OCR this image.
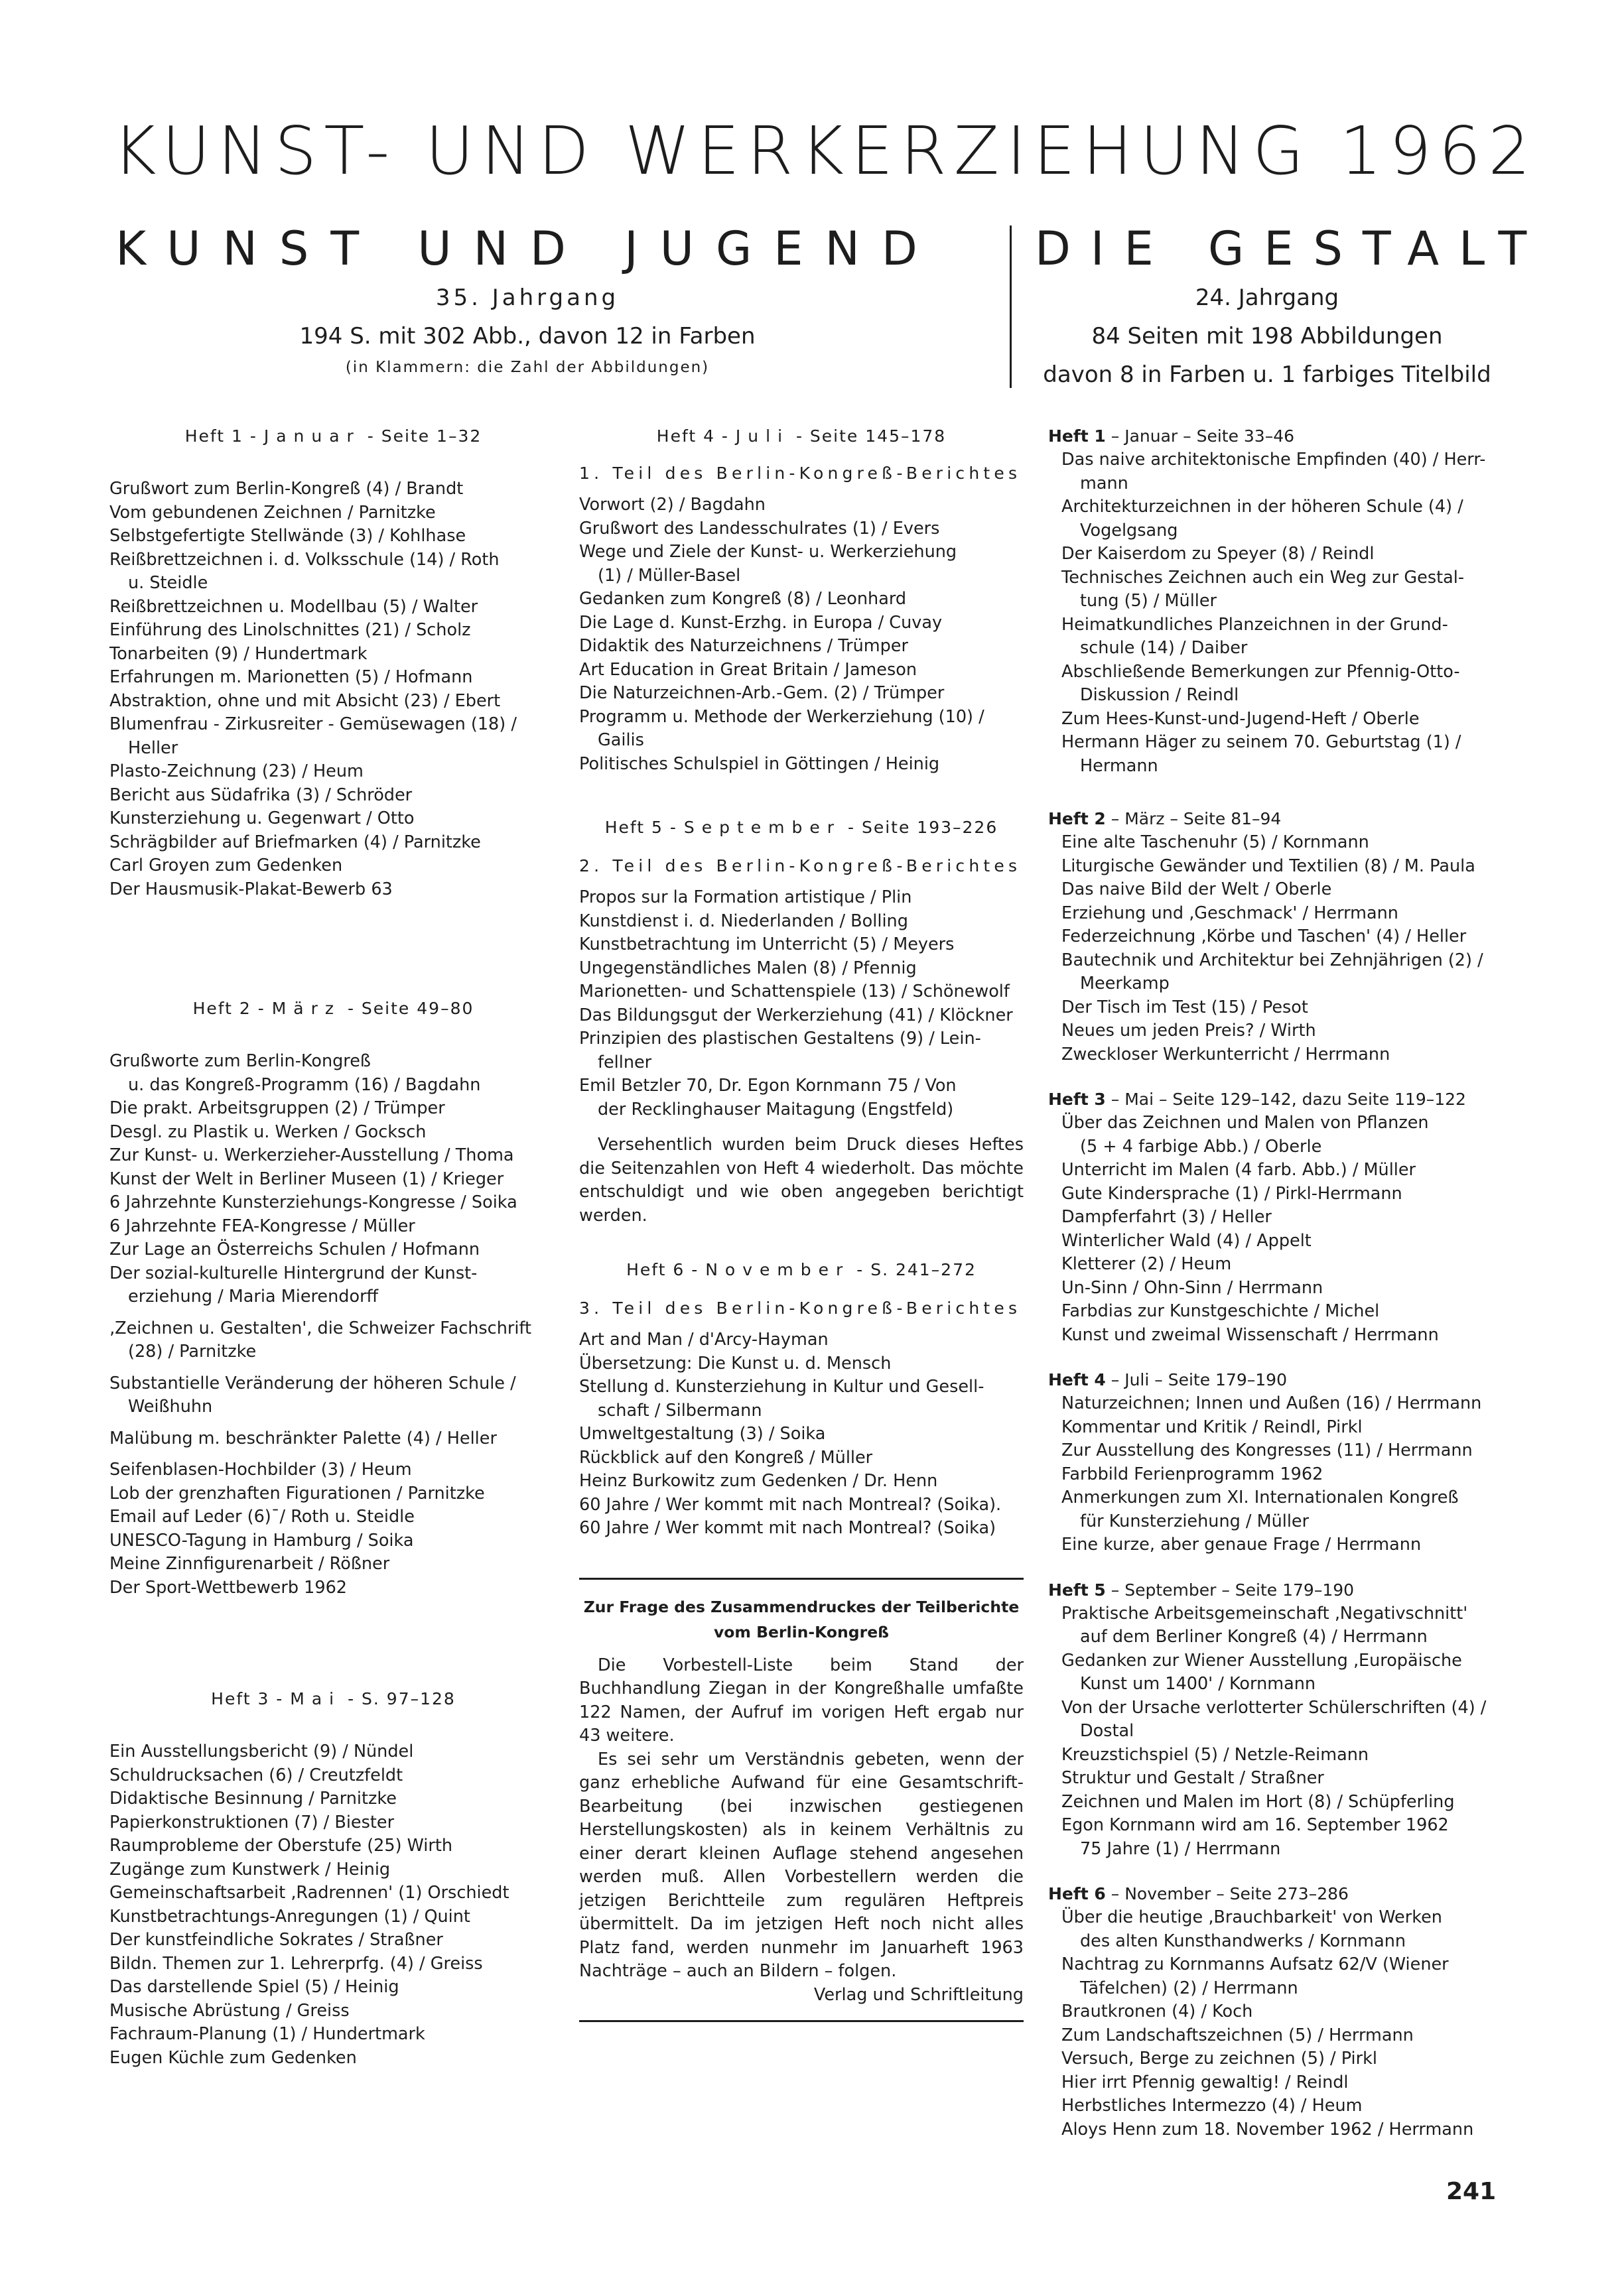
KUNST- UND WERKERZIEHUNG 1962
KUNST UND JUGEND
35. Jahrgang
194 S. mit 302 Abb., davon 12 in Farben
(in Klammern: die Zahl der Abbildungen)
DIE GESTALT
24. Jahrgang
84 Seiten mit 198 Abbildungen
davon 8 in Farben u. 1 farbiges Titelbild
Heft 1 - Januar - Seite 1–32
Grußwort zum Berlin-Kongreß (4) / Brandt
Vom gebundenen Zeichnen / Parnitzke
Selbstgefertigte Stellwände (3) / Kohlhase
Reißbrettzeichnen i. d. Volksschule (14) / Roth
u. Steidle
Reißbrettzeichnen u. Modellbau (5) / Walter
Einführung des Linolschnittes (21) / Scholz
Tonarbeiten (9) / Hundertmark
Erfahrungen m. Marionetten (5) / Hofmann
Abstraktion, ohne und mit Absicht (23) / Ebert
Blumenfrau - Zirkusreiter - Gemüsewagen (18) /
Heller
Plasto-Zeichnung (23) / Heum
Bericht aus Südafrika (3) / Schröder
Kunsterziehung u. Gegenwart / Otto
Schrägbilder auf Briefmarken (4) / Parnitzke
Carl Groyen zum Gedenken
Der Hausmusik-Plakat-Bewerb 63
Heft 2 - März - Seite 49–80
Grußworte zum Berlin-Kongreß
u. das Kongreß-Programm (16) / Bagdahn
Die prakt. Arbeitsgruppen (2) / Trümper
Desgl. zu Plastik u. Werken / Gocksch
Zur Kunst- u. Werkerzieher-Ausstellung / Thoma
Kunst der Welt in Berliner Museen (1) / Krieger
6 Jahrzehnte Kunsterziehungs-Kongresse / Soika
6 Jahrzehnte FEA-Kongresse / Müller
Zur Lage an Österreichs Schulen / Hofmann
Der sozial-kulturelle Hintergrund der Kunst-
erziehung / Maria Mierendorff
‚Zeichnen u. Gestalten', die Schweizer Fachschrift
(28) / Parnitzke
Substantielle Veränderung der höheren Schule /
Weißhuhn
Malübung m. beschränkter Palette (4) / Heller
Seifenblasen-Hochbilder (3) / Heum
Lob der grenzhaften Figurationen / Parnitzke
Email auf Leder (6)¯/ Roth u. Steidle
UNESCO-Tagung in Hamburg / Soika
Meine Zinnfigurenarbeit / Rößner
Der Sport-Wettbewerb 1962
Heft 3 - Mai - S. 97–128
Ein Ausstellungsbericht (9) / Nündel
Schuldrucksachen (6) / Creutzfeldt
Didaktische Besinnung / Parnitzke
Papierkonstruktionen (7) / Biester
Raumprobleme der Oberstufe (25) Wirth
Zugänge zum Kunstwerk / Heinig
Gemeinschaftsarbeit ‚Radrennen' (1) Orschiedt
Kunstbetrachtungs-Anregungen (1) / Quint
Der kunstfeindliche Sokrates / Straßner
Bildn. Themen zur 1. Lehrerprfg. (4) / Greiss
Das darstellende Spiel (5) / Heinig
Musische Abrüstung / Greiss
Fachraum-Planung (1) / Hundertmark
Eugen Küchle zum Gedenken
Heft 4 - Juli - Seite 145–178
1. Teil des Berlin-Kongreß-Berichtes
Vorwort (2) / Bagdahn
Grußwort des Landesschulrates (1) / Evers
Wege und Ziele der Kunst- u. Werkerziehung
(1) / Müller-Basel
Gedanken zum Kongreß (8) / Leonhard
Die Lage d. Kunst-Erzhg. in Europa / Cuvay
Didaktik des Naturzeichnens / Trümper
Art Education in Great Britain / Jameson
Die Naturzeichnen-Arb.-Gem. (2) / Trümper
Programm u. Methode der Werkerziehung (10) /
Gailis
Politisches Schulspiel in Göttingen / Heinig
Heft 5 - September - Seite 193–226
2. Teil des Berlin-Kongreß-Berichtes
Propos sur la Formation artistique / Plin
Kunstdienst i. d. Niederlanden / Bolling
Kunstbetrachtung im Unterricht (5) / Meyers
Ungegenständliches Malen (8) / Pfennig
Marionetten- und Schattenspiele (13) / Schönewolf
Das Bildungsgut der Werkerziehung (41) / Klöckner
Prinzipien des plastischen Gestaltens (9) / Lein-
fellner
Emil Betzler 70, Dr. Egon Kornmann 75 / Von
der Recklinghauser Maitagung (Engstfeld)
Versehentlich wurden beim Druck dieses Heftes die Seitenzahlen von Heft 4 wiederholt. Das möchte entschuldigt und wie oben angegeben berichtigt werden.
Heft 6 - November - S. 241–272
3. Teil des Berlin-Kongreß-Berichtes
Art and Man / d'Arcy-Hayman
Übersetzung: Die Kunst u. d. Mensch
Stellung d. Kunsterziehung in Kultur und Gesell-
schaft / Silbermann
Umweltgestaltung (3) / Soika
Rückblick auf den Kongreß / Müller
Heinz Burkowitz zum Gedenken / Dr. Henn
60 Jahre / Wer kommt mit nach Montreal? (Soika).
60 Jahre / Wer kommt mit nach Montreal? (Soika)
Zur Frage des Zusammendruckes der Teilberichte vom Berlin-Kongreß
Die Vorbestell-Liste beim Stand der Buchhandlung Ziegan in der Kongreßhalle umfaßte 122 Namen, der Aufruf im vorigen Heft ergab nur 43 weitere.
Es sei sehr um Verständnis gebeten, wenn der ganz erhebliche Aufwand für eine Gesamtschrift-Bearbeitung (bei inzwischen gestiegenen Herstellungskosten) als in keinem Verhältnis zu einer derart kleinen Auflage stehend angesehen werden muß. Allen Vorbestellern werden die jetzigen Berichtteile zum regulären Heftpreis übermittelt. Da im jetzigen Heft noch nicht alles Platz fand, werden nunmehr im Januarheft 1963 Nachträge – auch an Bildern – folgen.
Verlag und Schriftleitung
Heft 1 – Januar – Seite 33–46
Das naive architektonische Empfinden (40) / Herr-
mann
Architekturzeichnen in der höheren Schule (4) /
Vogelgsang
Der Kaiserdom zu Speyer (8) / Reindl
Technisches Zeichnen auch ein Weg zur Gestal-
tung (5) / Müller
Heimatkundliches Planzeichnen in der Grund-
schule (14) / Daiber
Abschließende Bemerkungen zur Pfennig-Otto-
Diskussion / Reindl
Zum Hees-Kunst-und-Jugend-Heft / Oberle
Hermann Häger zu seinem 70. Geburtstag (1) /
Hermann
Heft 2 – März – Seite 81–94
Eine alte Taschenuhr (5) / Kornmann
Liturgische Gewänder und Textilien (8) / M. Paula
Das naive Bild der Welt / Oberle
Erziehung und ‚Geschmack' / Herrmann
Federzeichnung ‚Körbe und Taschen' (4) / Heller
Bautechnik und Architektur bei Zehnjährigen (2) /
Meerkamp
Der Tisch im Test (15) / Pesot
Neues um jeden Preis? / Wirth
Zweckloser Werkunterricht / Herrmann
Heft 3 – Mai – Seite 129–142, dazu Seite 119–122
Über das Zeichnen und Malen von Pflanzen
(5 + 4 farbige Abb.) / Oberle
Unterricht im Malen (4 farb. Abb.) / Müller
Gute Kindersprache (1) / Pirkl-Herrmann
Dampferfahrt (3) / Heller
Winterlicher Wald (4) / Appelt
Kletterer (2) / Heum
Un-Sinn / Ohn-Sinn / Herrmann
Farbdias zur Kunstgeschichte / Michel
Kunst und zweimal Wissenschaft / Herrmann
Heft 4 – Juli – Seite 179–190
Naturzeichnen; Innen und Außen (16) / Herrmann
Kommentar und Kritik / Reindl, Pirkl
Zur Ausstellung des Kongresses (11) / Herrmann
Farbbild Ferienprogramm 1962
Anmerkungen zum XI. Internationalen Kongreß
für Kunsterziehung / Müller
Eine kurze, aber genaue Frage / Herrmann
Heft 5 – September – Seite 179–190
Praktische Arbeitsgemeinschaft ‚Negativschnitt'
auf dem Berliner Kongreß (4) / Herrmann
Gedanken zur Wiener Ausstellung ‚Europäische
Kunst um 1400' / Kornmann
Von der Ursache verlotterter Schülerschriften (4) /
Dostal
Kreuzstichspiel (5) / Netzle-Reimann
Struktur und Gestalt / Straßner
Zeichnen und Malen im Hort (8) / Schüpferling
Egon Kornmann wird am 16. September 1962
75 Jahre (1) / Herrmann
Heft 6 – November – Seite 273–286
Über die heutige ‚Brauchbarkeit' von Werken
des alten Kunsthandwerks / Kornmann
Nachtrag zu Kornmanns Aufsatz 62/V (Wiener
Täfelchen) (2) / Herrmann
Brautkronen (4) / Koch
Zum Landschaftszeichnen (5) / Herrmann
Versuch, Berge zu zeichnen (5) / Pirkl
Hier irrt Pfennig gewaltig! / Reindl
Herbstliches Intermezzo (4) / Heum
Aloys Henn zum 18. November 1962 / Herrmann
241
